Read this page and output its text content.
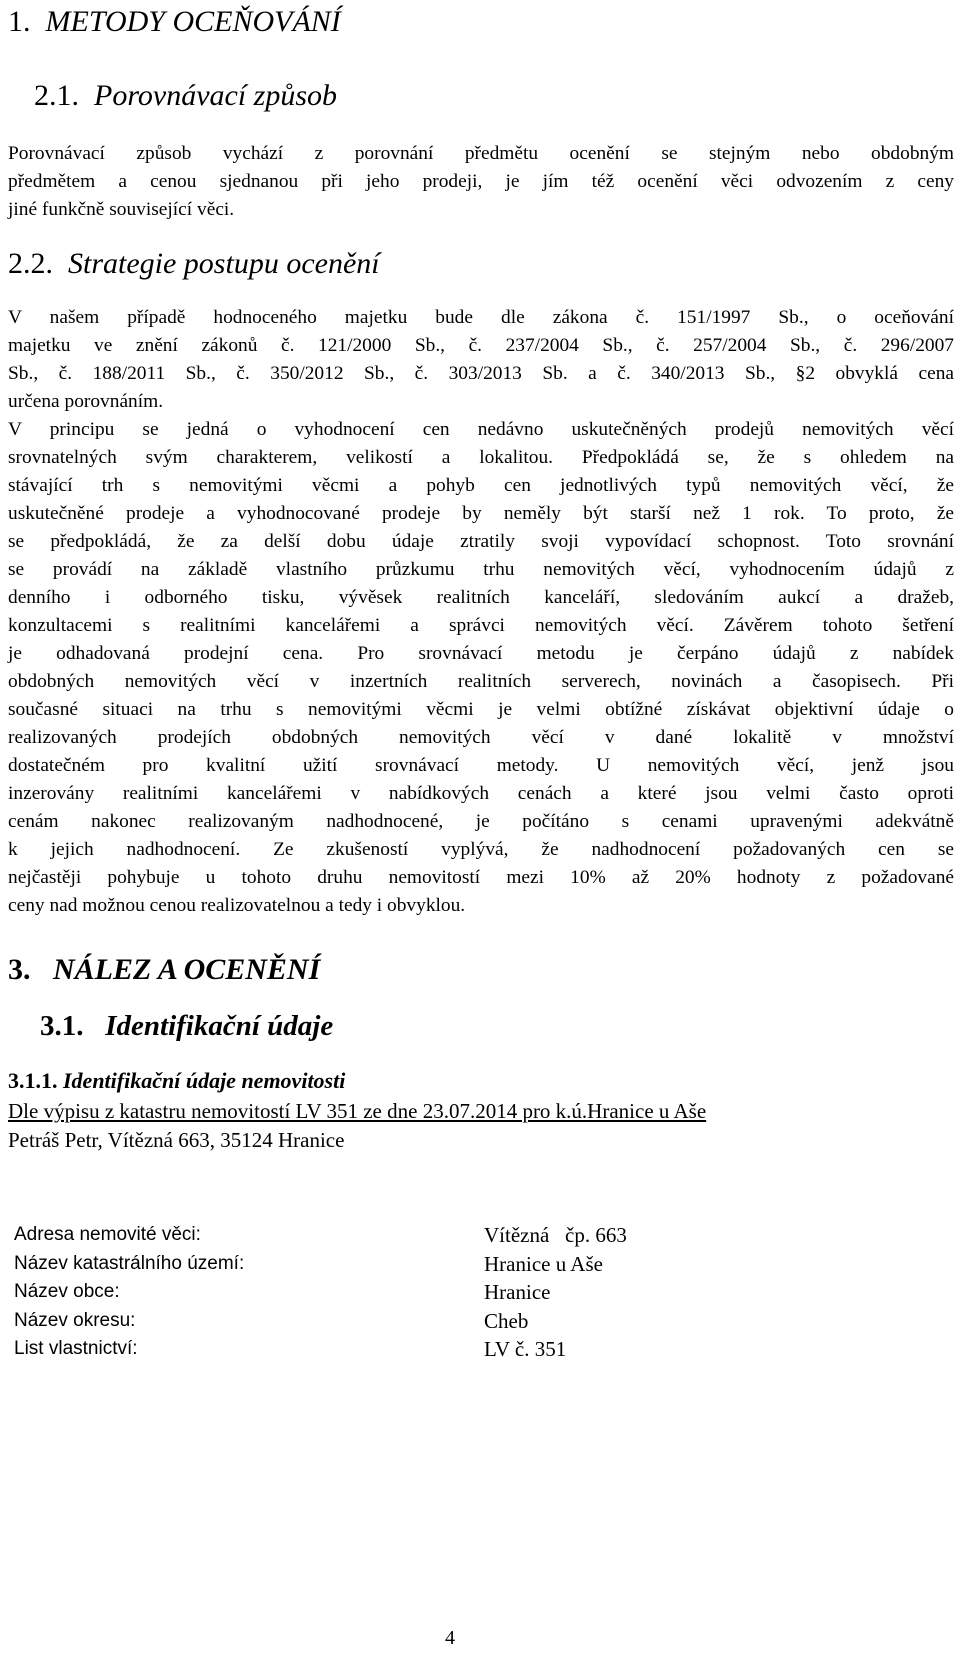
1. METODY OCEŇOVÁNÍ
2.1. Porovnávací způsob
Porovnávací způsob vychází z porovnání předmětu ocenění se stejným nebo obdobným
předmětem a cenou sjednanou při jeho prodeji, je jím též ocenění věci odvozením z ceny
jiné funkčně související věci.
2.2. Strategie postupu ocenění
V našem případě hodnoceného majetku bude dle zákona č. 151/1997 Sb., o oceňování
majetku ve znění zákonů č. 121/2000 Sb., č. 237/2004 Sb., č. 257/2004 Sb., č. 296/2007
Sb., č. 188/2011 Sb., č. 350/2012 Sb., č. 303/2013 Sb. a č. 340/2013 Sb., §2 obvyklá cena
určena porovnáním.
V principu se jedná o vyhodnocení cen nedávno uskutečněných prodejů nemovitých věcí
srovnatelných svým charakterem, velikostí a lokalitou. Předpokládá se, že s ohledem na
stávající trh s nemovitými věcmi a pohyb cen jednotlivých typů nemovitých věcí, že
uskutečněné prodeje a vyhodnocované prodeje by neměly být starší než 1 rok. To proto, že
se předpokládá, že za delší dobu údaje ztratily svoji vypovídací schopnost. Toto srovnání
se provádí na základě vlastního průzkumu trhu nemovitých věcí, vyhodnocením údajů z
denního i odborného tisku, vývěsek realitních kanceláří, sledováním aukcí a dražeb,
konzultacemi s realitními kancelářemi a správci nemovitých věcí. Závěrem tohoto šetření
je odhadovaná prodejní cena. Pro srovnávací metodu je čerpáno údajů z nabídek
obdobných nemovitých věcí v inzertních realitních serverech, novinách a časopisech. Při
současné situaci na trhu s nemovitými věcmi je velmi obtížné získávat objektivní údaje o
realizovaných prodejích obdobných nemovitých věcí v dané lokalitě v množství
dostatečném pro kvalitní užití srovnávací metody. U nemovitých věcí, jenž jsou
inzerovány realitními kancelářemi v nabídkových cenách a které jsou velmi často oproti
cenám nakonec realizovaným nadhodnocené, je počítáno s cenami upravenými adekvátně
k jejich nadhodnocení. Ze zkušeností vyplývá, že nadhodnocení požadovaných cen se
nejčastěji pohybuje u tohoto druhu nemovitostí mezi 10% až 20% hodnoty z požadované
ceny nad možnou cenou realizovatelnou a tedy i obvyklou.
3. NÁLEZ A OCENĚNÍ
3.1. Identifikační údaje
3.1.1. Identifikační údaje nemovitosti
Dle výpisu z katastru nemovitostí LV 351 ze dne 23.07.2014 pro k.ú.Hranice u Aše
Petráš Petr, Vítězná 663, 35124 Hranice
Adresa nemovité věci:	Vítězná   čp. 663
Název katastrálního území:	Hranice u Aše
Název obce:	Hranice
Název okresu:	Cheb
List vlastnictví:	LV č. 351
4
